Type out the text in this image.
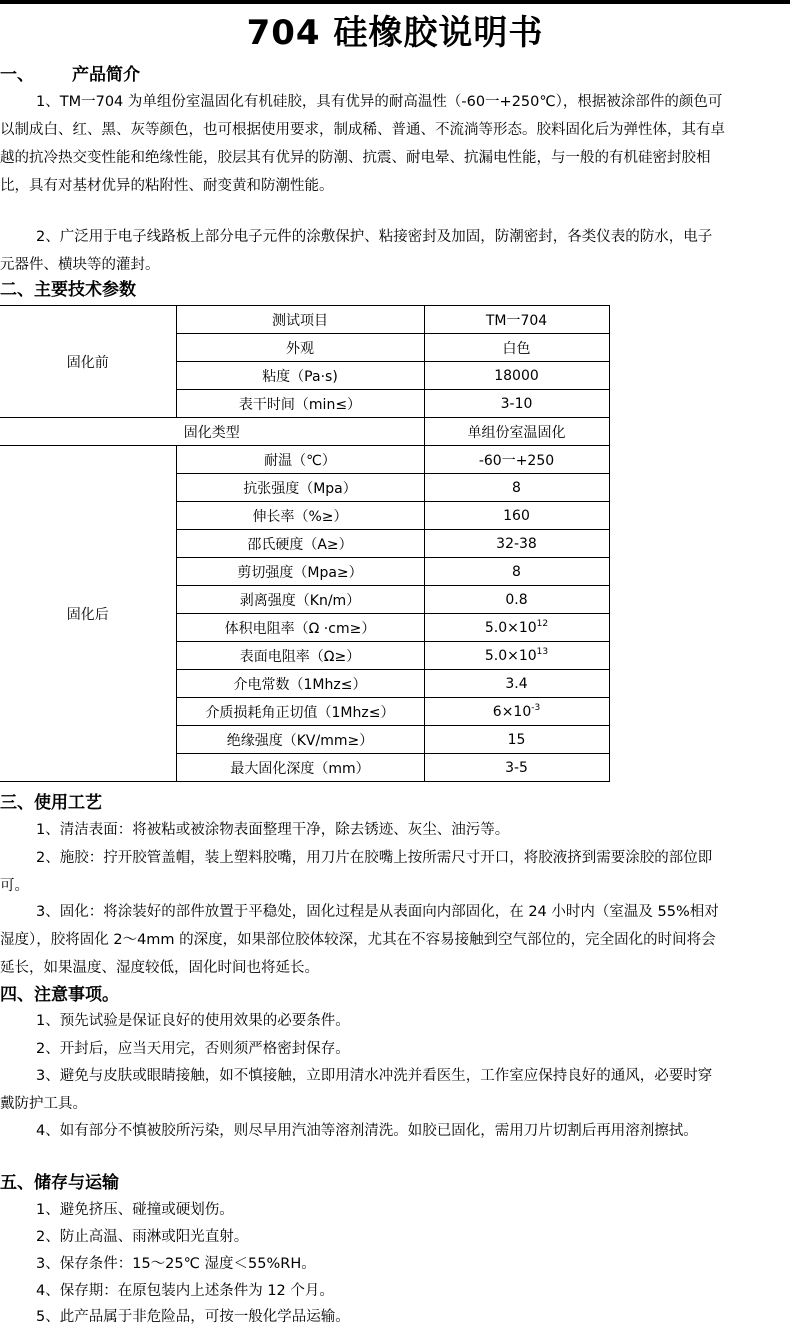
704 硅橡胶说明书
一、 产品简介
1、TM一704 为单组份室温固化有机硅胶，具有优异的耐高温性（-60一+250℃），根据被涂部件的颜色可以制成白、红、黑、灰等颜色，也可根据使用要求，制成稀、普通、不流淌等形态。胶料固化后为弹性体，其有卓越的抗冷热交变性能和绝缘性能，胶层其有优异的防潮、抗震、耐电晕、抗漏电性能，与一般的有机硅密封胶相比，具有对基材优异的粘附性、耐变黄和防潮性能。
2、广泛用于电子线路板上部分电子元件的涂敷保护、粘接密封及加固，防潮密封，各类仪表的防水，电子元器件、横块等的灌封。
二、主要技术参数
固化前	测试项目	TM一704
	外观	白色
	粘度（Pa·s)	18000
	表干时间（min≤）	3-10
固化类型		单组份室温固化
固化后	耐温（℃）	-60一+250
	抗张强度（Mpa）	8
	伸长率（%≥）	160
	邵氏硬度（A≥）	32-38
	剪切强度（Mpa≥）	8
	剥离强度（Kn/m）	0.8
	体积电阻率（Ω ·cm≥）	$5.0\times 10^{12}$
	表面电阻率（Ω≥）	$5.0\times 10^{13}$
	介电常数（1Mhz≤）	3.4
	介质损耗角正切值（1Mhz≤）	$6\times 10^{-3}$
	绝缘强度（KV/mm≥）	15
	最大固化深度（mm）	3-5
三、使用工艺
1、清洁表面：将被粘或被涂物表面整理干净，除去锈迹、灰尘、油污等。
2、施胶：拧开胶管盖帽，装上塑料胶嘴，用刀片在胶嘴上按所需尺寸开口，将胶液挤到需要涂胶的部位即可。
3、固化：将涂装好的部件放置于平稳处，固化过程是从表面向内部固化，在 24 小时内（室温及 55%相对湿度），胶将固化 2～4mm 的深度，如果部位胶体较深，尤其在不容易接触到空气部位的，完全固化的时间将会延长，如果温度、湿度较低，固化时间也将延长。
四、注意事项。
1、预先试验是保证良好的使用效果的必要条件。
2、开封后，应当天用完，否则须严格密封保存。
3、避免与皮肤或眼睛接触，如不慎接触，立即用清水冲洗并看医生，工作室应保持良好的通风，必要时穿戴防护工具。
4、如有部分不慎被胶所污染，则尽早用汽油等溶剂清洗。如胶已固化，需用刀片切割后再用溶剂擦拭。
五、储存与运输
1、避免挤压、碰撞或硬划伤。
2、防止高温、雨淋或阳光直射。
3、保存条件：15～25℃ 湿度＜55%RH。
4、保存期：在原包装内上述条件为 12 个月。
5、此产品属于非危险品，可按一般化学品运输。
